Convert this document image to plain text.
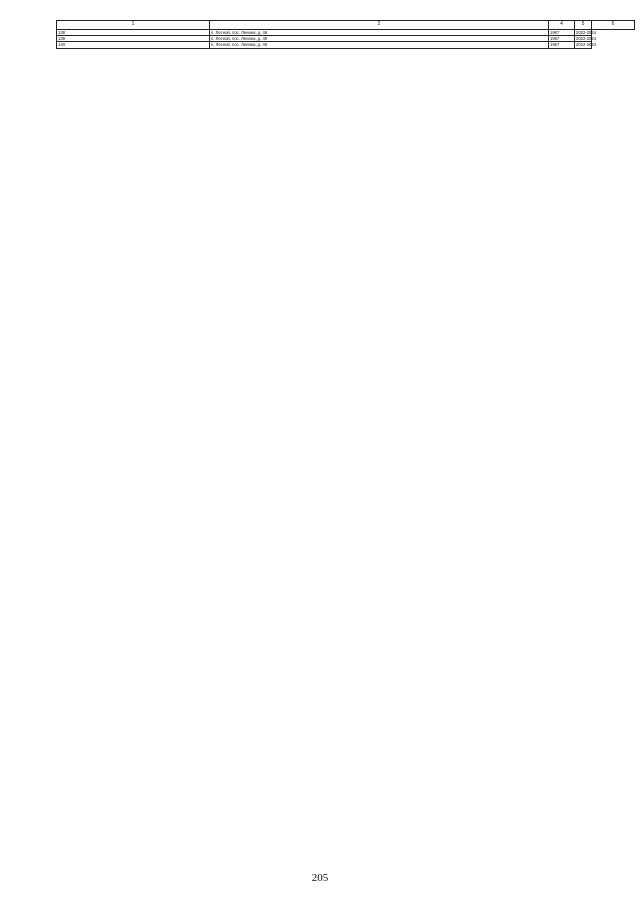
1	2		4	5	6	
138	п. Лесной, пос. Ленина, д. 49		1967	2022-2024		
139	п. Лесной, пос. Ленина, д. 49		1967	2022-2024		
140	п. Лесной, пос. Ленина, д. 49		1967	2022-2024		
205
